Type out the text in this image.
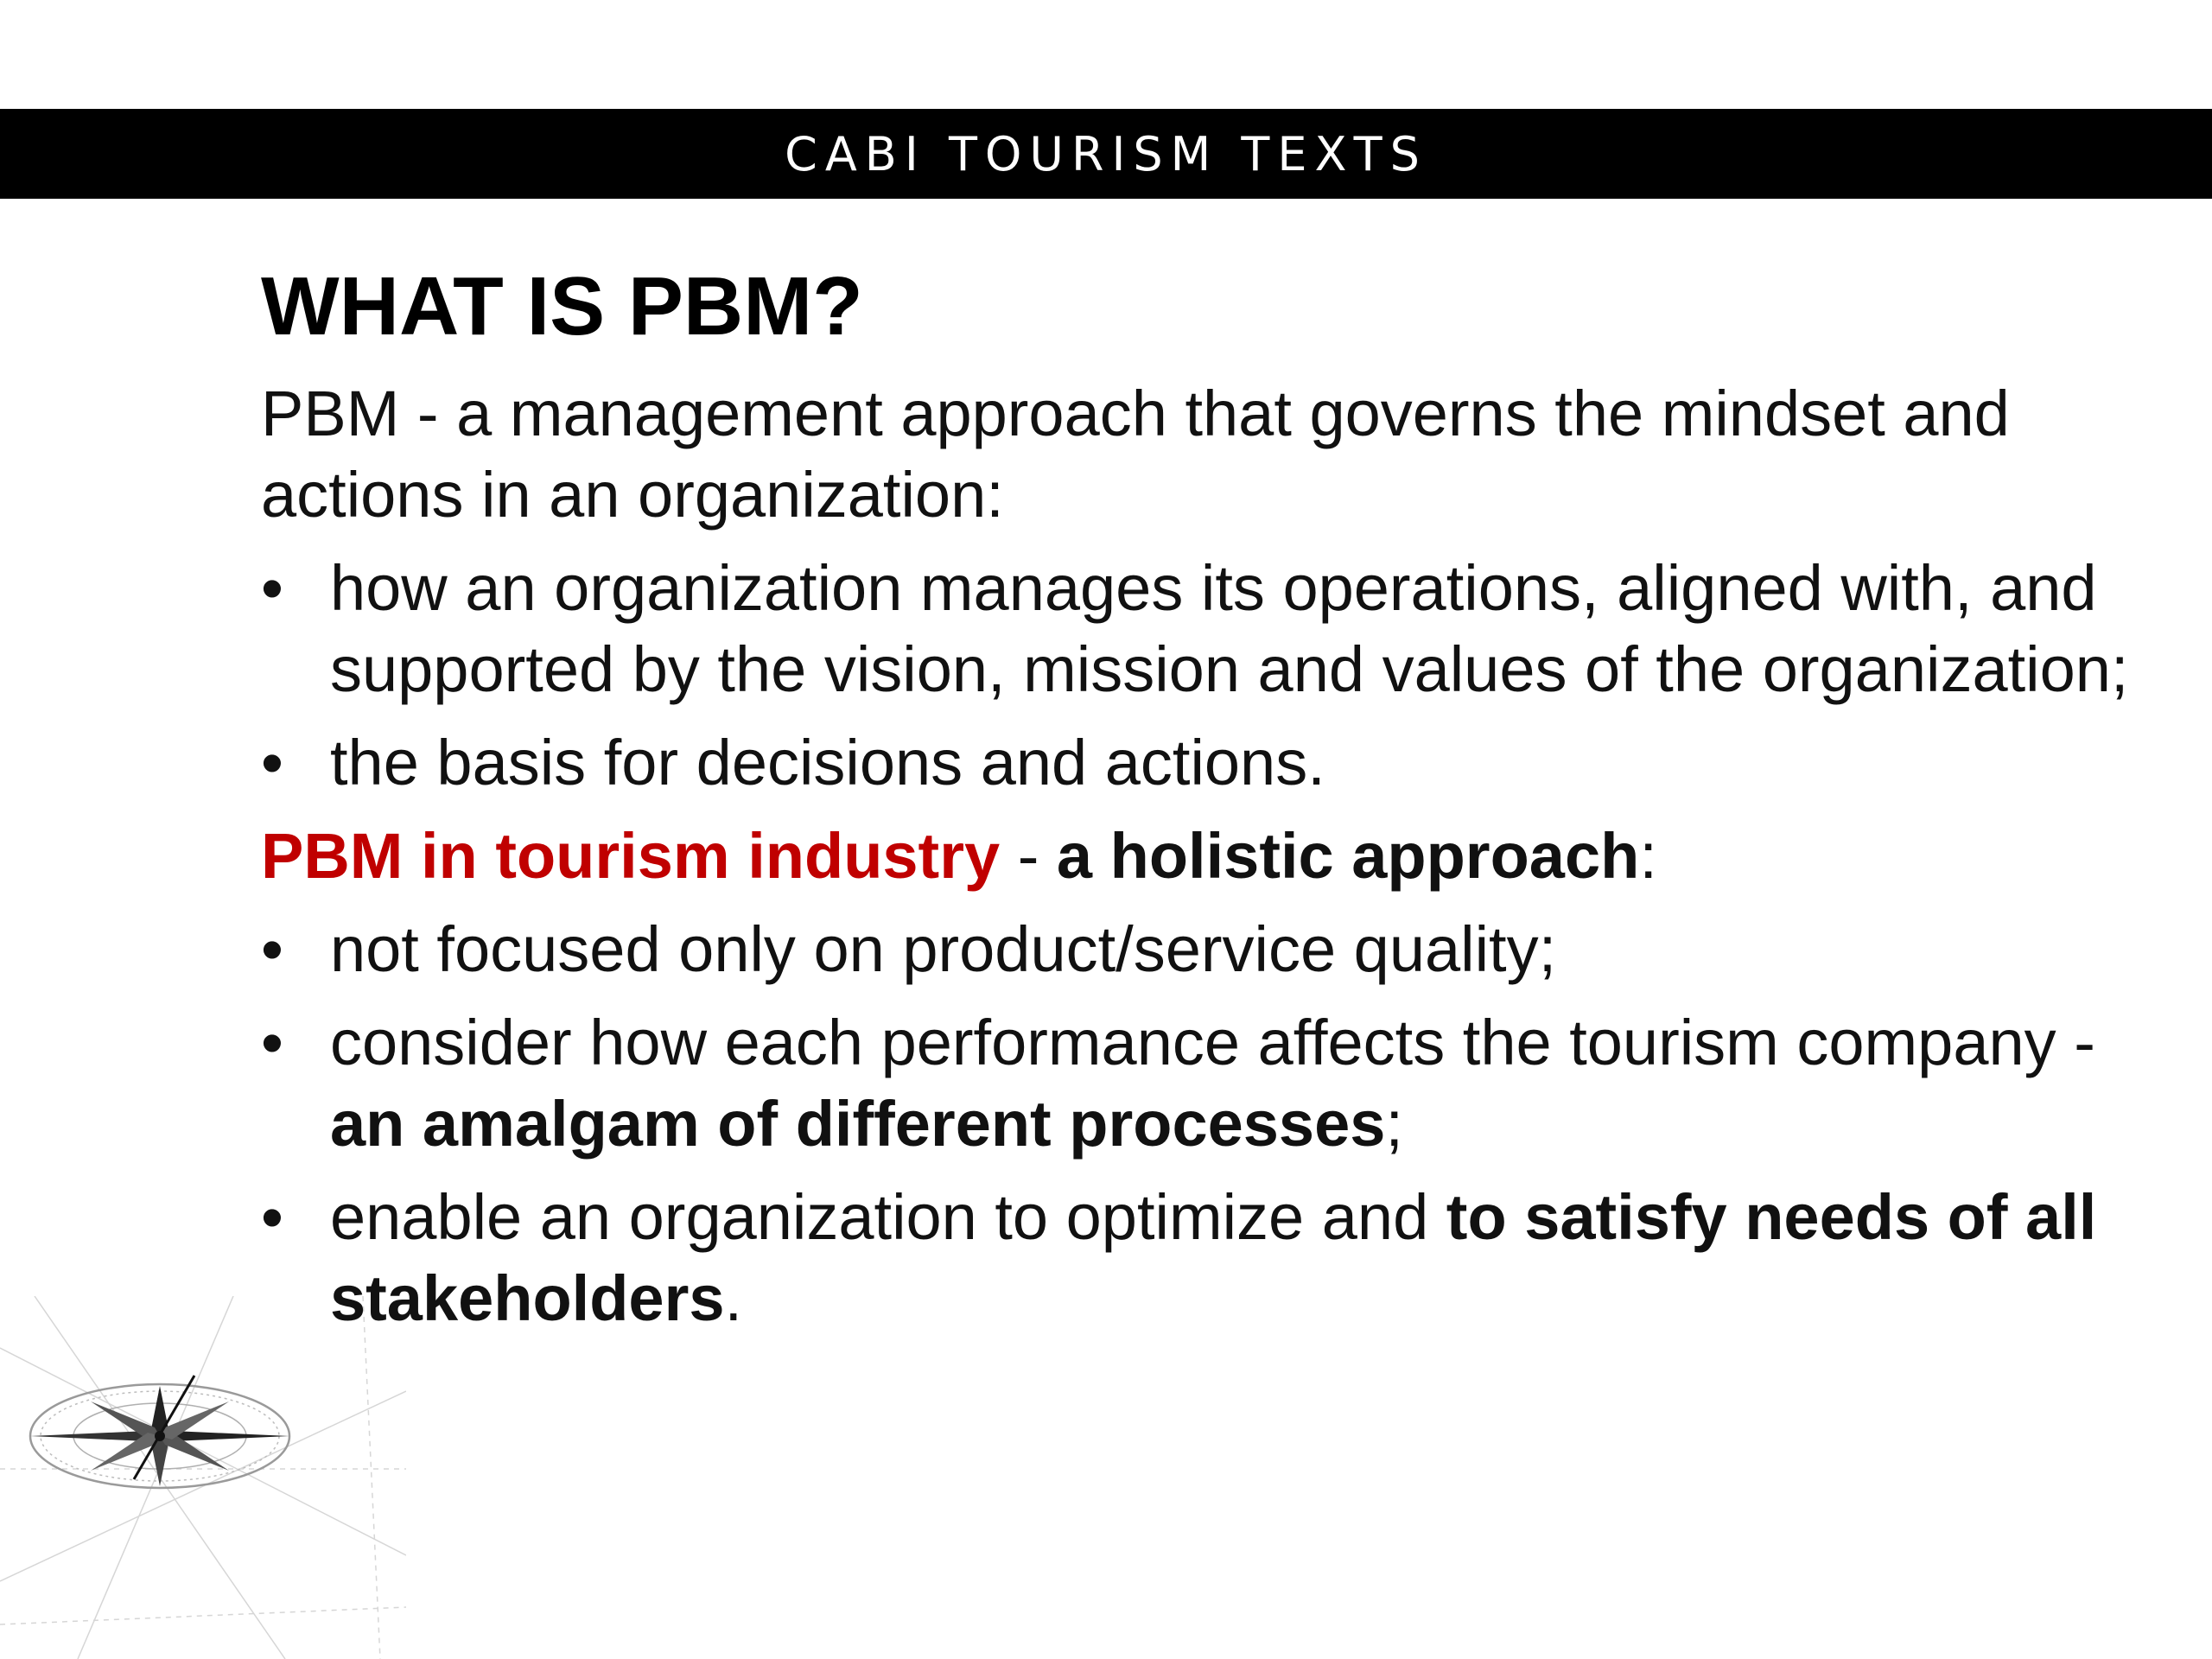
CABI TOURISM TEXTS
WHAT IS PBM?

PBM - a management approach that governs the mindset and actions in an organization:

• how an organization manages its operations, aligned with, and supported by the vision, mission and values of the organization;
• the basis for decisions and actions.

PBM in tourism industry - a holistic approach:

• not focused only on product/service quality;
• consider how each performance affects the tourism company - an amalgam of different processes;
• enable an organization to optimize and to satisfy needs of all stakeholders.
